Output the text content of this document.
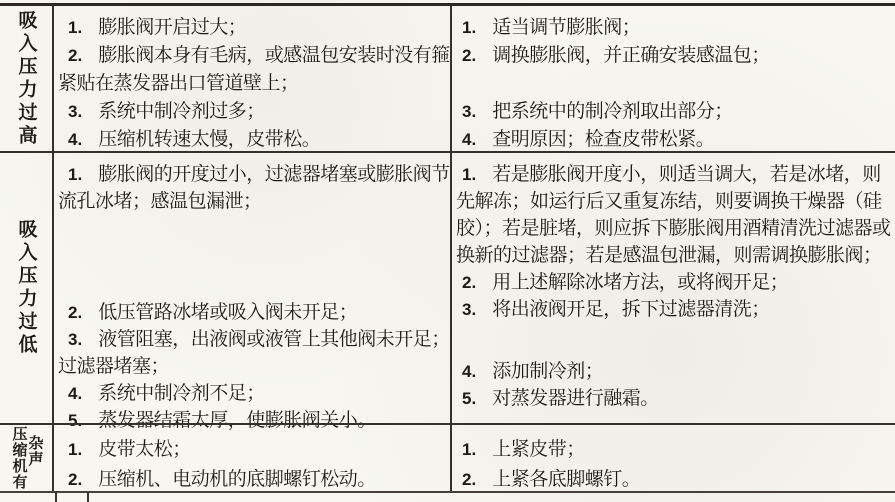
吸入压力过高	1. 膨胀阀开启过大；

2. 膨胀阀本身有毛病，或感温包安装时没有箍紧贴在蒸发器出口管道壁上；

3. 系统中制冷剂过多；

4. 压缩机转速太慢，皮带松。

1. 适当调节膨胀阀；

2. 调换膨胀阀，并正确安装感温包；

3. 把系统中的制冷剂取出部分；

4. 查明原因；检查皮带松紧。

吸入压力过低

1. 膨胀阀的开度过小，过滤器堵塞或膨胀阀节流孔冰堵；感温包漏泄；

2. 低压管路冰堵或吸入阀未开足；

3. 液管阻塞，出液阀或液管上其他阀未开足；过滤器堵塞；

4. 系统中制冷剂不足；

5. 蒸发器结霜太厚，使膨胀阀关小。

1. 若是膨胀阀开度小，则适当调大，若是冰堵，则先解冻；如运行后又重复冻结，则要调换干燥器（硅胶）；若是脏堵，则应拆下膨胀阀用酒精清洗过滤器或换新的过滤器；若是感温包泄漏，则需调换膨胀阀；

2. 用上述解除冰堵方法，或将阀开足；

3. 将出液阀开足，拆下过滤器清洗；

4. 添加制冷剂；

5. 对蒸发器进行融霜。

压缩机有 杂声	1. 皮带太松；

2. 压缩机、电动机的底脚螺钉松动。

1. 上紧皮带；

2. 上紧各底脚螺钉。
